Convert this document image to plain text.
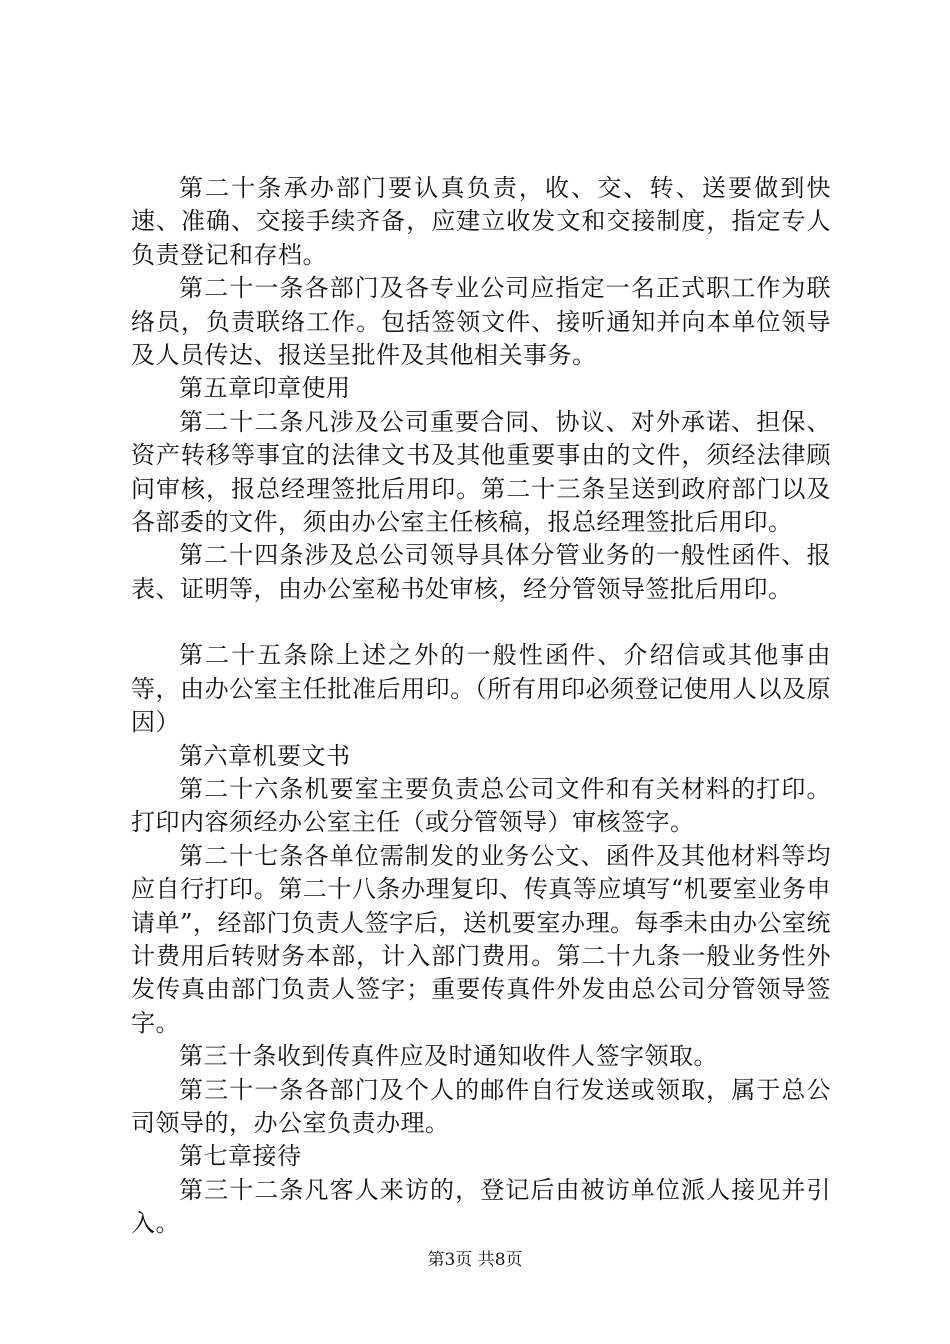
第二十条承办部门要认真负责，收、交、转、送要做到快速、准确、交接手续齐备，应建立收发文和交接制度，指定专人负责登记和存档。

第二十一条各部门及各专业公司应指定一名正式职工作为联络员，负责联络工作。包括签领文件、接听通知并向本单位领导及人员传达、报送呈批件及其他相关事务。

第五章印章使用

第二十二条凡涉及公司重要合同、协议、对外承诺、担保、资产转移等事宜的法律文书及其他重要事由的文件，须经法律顾问审核，报总经理签批后用印。第二十三条呈送到政府部门以及各部委的文件，须由办公室主任核稿，报总经理签批后用印。

第二十四条涉及总公司领导具体分管业务的一般性函件、报表、证明等，由办公室秘书处审核，经分管领导签批后用印。

第二十五条除上述之外的一般性函件、介绍信或其他事由等，由办公室主任批准后用印。（所有用印必须登记使用人以及原因）

第六章机要文书

第二十六条机要室主要负责总公司文件和有关材料的打印。打印内容须经办公室主任（或分管领导）审核签字。

第二十七条各单位需制发的业务公文、函件及其他材料等均应自行打印。第二十八条办理复印、传真等应填写“机要室业务申请单”，经部门负责人签字后，送机要室办理。每季未由办公室统计费用后转财务本部，计入部门费用。第二十九条一般业务性外发传真由部门负责人签字；重要传真件外发由总公司分管领导签字。

第三十条收到传真件应及时通知收件人签字领取。

第三十一条各部门及个人的邮件自行发送或领取，属于总公司领导的，办公室负责办理。

第七章接待

第三十二条凡客人来访的，登记后由被访单位派人接见并引入。

第3页 共8页
